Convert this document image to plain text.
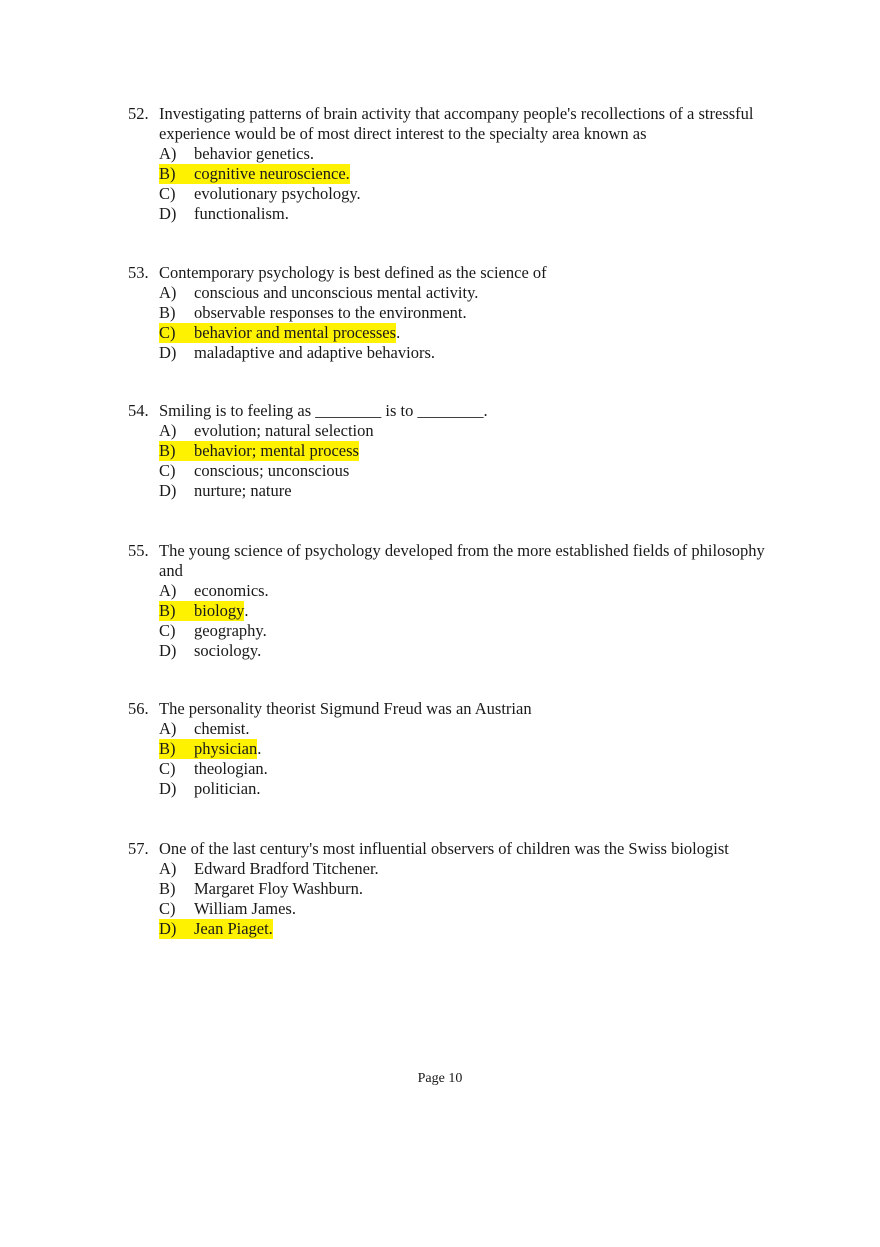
52. Investigating patterns of brain activity that accompany people's recollections of a stressful experience would be of most direct interest to the specialty area known as
A)	behavior genetics.
B)	cognitive neuroscience.
C)	evolutionary psychology.
D)	functionalism.
53. Contemporary psychology is best defined as the science of
A)	conscious and unconscious mental activity.
B)	observable responses to the environment.
C)	behavior and mental processes .
D)	maladaptive and adaptive behaviors.
54. Smiling is to feeling as ________ is to ________.
A)	evolution; natural selection
B)	behavior; mental process
C)	conscious; unconscious
D)	nurture; nature
55. The young science of psychology developed from the more established fields of philosophy and
A)	economics.
B)	biology .
C)	geography.
D)	sociology.
56. The personality theorist Sigmund Freud was an Austrian
A)	chemist.
B)	physician .
C)	theologian.
D)	politician.
57. One of the last century's most influential observers of children was the Swiss biologist
A)	Edward Bradford Titchener.
B)	Margaret Floy Washburn.
C)	William James.
D)	Jean Piaget.
Page 10
